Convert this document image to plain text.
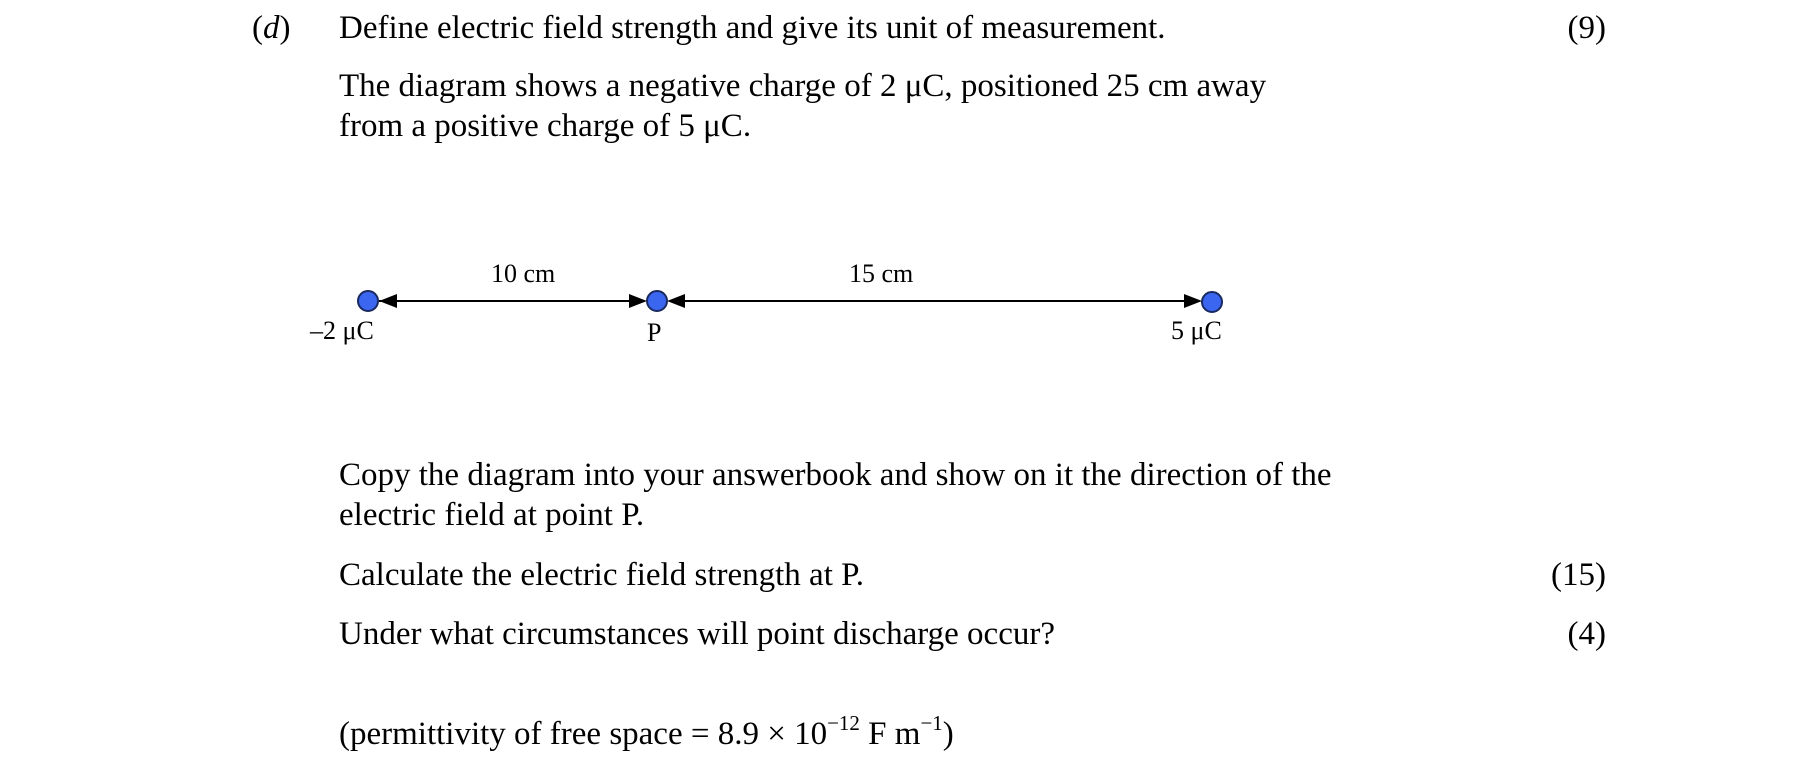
(d) Define electric field strength and give its unit of measurement.	(9)
The diagram shows a negative charge of 2 μC, positioned 25 cm away
from a positive charge of 5 μC.
10 cm	15 cm
–2 μC	P	5 μC
Copy the diagram into your answerbook and show on it the direction of the
electric field at point P.
Calculate the electric field strength at P.	(15)
Under what circumstances will point discharge occur?	(4)
(permittivity of free space = $8.9 \times 10^{-12}$ F $m^{-1}$)
